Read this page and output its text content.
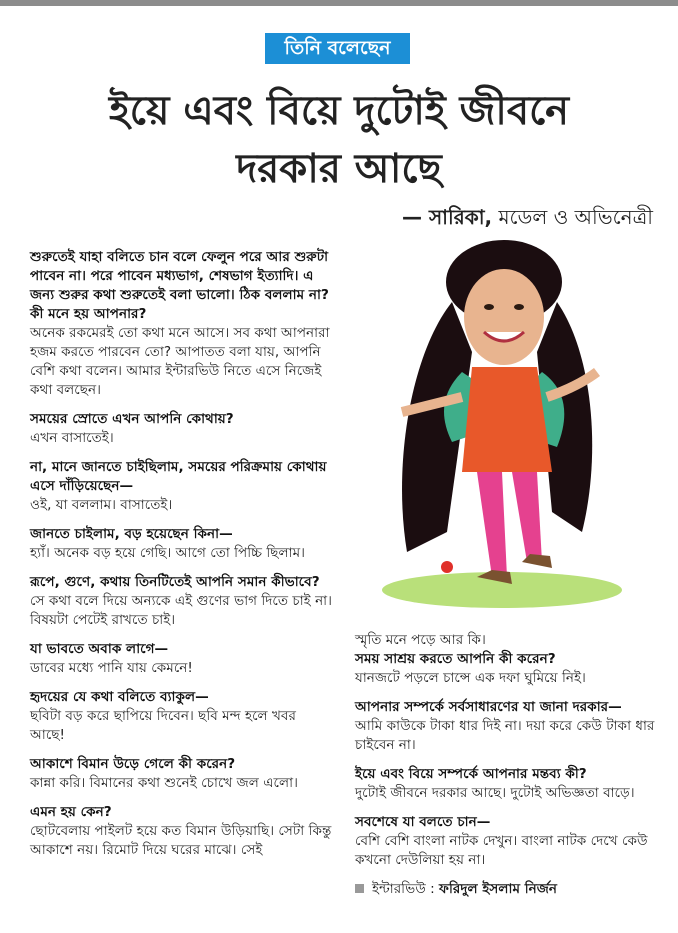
তিনি বলেছেন
ইয়ে এবং বিয়ে দুটোই জীবনে
দরকার আছে
— সারিকা, মডেল ও অভিনেত্রী

শুরুতেই যাহা বলিতে চান বলে ফেলুন পরে আর শুরুটা পাবেন না। পরে পাবেন মধ্যভাগ, শেষভাগ ইত্যাদি। এ জন্য শুরুর কথা শুরুতেই বলা ভালো। ঠিক বললাম না? কী মনে হয় আপনার?

অনেক রকমেরই তো কথা মনে আসে। সব কথা আপনারা হজম করতে পারবেন তো? আপাতত বলা যায়, আপনি বেশি কথা বলেন। আমার ইন্টারভিউ নিতে এসে নিজেই কথা বলছেন।

সময়ের স্রোতে এখন আপনি কোথায়?

এখন বাসাতেই।

না, মানে জানতে চাইছিলাম, সময়ের পরিক্রমায় কোথায় এসে দাঁড়িয়েছেন—

ওই, যা বললাম। বাসাতেই।

জানতে চাইলাম, বড় হয়েছেন কিনা—

হ্যাঁ। অনেক বড় হয়ে গেছি। আগে তো পিচ্চি ছিলাম।

রূপে, গুণে, কথায় তিনটিতেই আপনি সমান কীভাবে?

সে কথা বলে দিয়ে অন্যকে এই গুণের ভাগ দিতে চাই না। বিষয়টা পেটেই রাখতে চাই।

যা ভাবতে অবাক লাগে—

ডাবের মধ্যে পানি যায় কেমনে!

হৃদয়ের যে কথা বলিতে ব্যাকুল—

ছবিটা বড় করে ছাপিয়ে দিবেন। ছবি মন্দ হলে খবর আছে!

আকাশে বিমান উড়ে গেলে কী করেন?

কান্না করি। বিমানের কথা শুনেই চোখে জল এলো।

এমন হয় কেন?

ছোটবেলায় পাইলট হয়ে কত বিমান উড়িয়াছি। সেটা কিন্তু আকাশে নয়। রিমোট দিয়ে ঘরের মাঝে। সেই

স্মৃতি মনে পড়ে আর কি।

সময় সাশ্রয় করতে আপনি কী করেন?

যানজটে পড়লে চান্সে এক দফা ঘুমিয়ে নিই।

আপনার সম্পর্কে সর্বসাধারণের যা জানা দরকার—

আমি কাউকে টাকা ধার দিই না। দয়া করে কেউ টাকা ধার চাইবেন না।

ইয়ে এবং বিয়ে সম্পর্কে আপনার মন্তব্য কী?

দুটোই জীবনে দরকার আছে। দুটোই অভিজ্ঞতা বাড়ে।

সবশেষে যা বলতে চান—

বেশি বেশি বাংলা নাটক দেখুন। বাংলা নাটক দেখে কেউ কখনো দেউলিয়া হয় না।

ইন্টারভিউ : ফরিদুল ইসলাম নির্জন
